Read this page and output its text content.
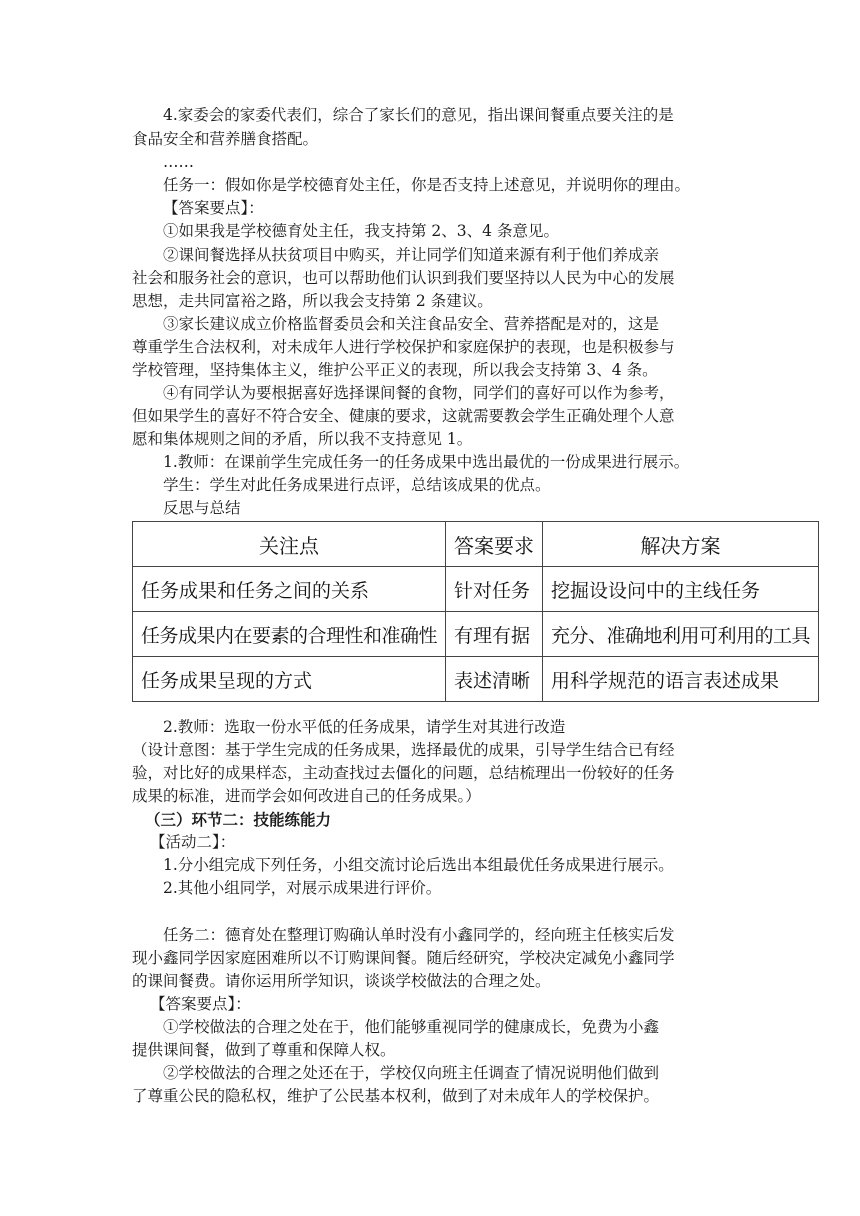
4.家委会的家委代表们，综合了家长们的意见，指出课间餐重点要关注的是

食品安全和营养膳食搭配。

……

任务一：假如你是学校德育处主任，你是否支持上述意见，并说明你的理由。

【答案要点】：

①如果我是学校德育处主任，我支持第 2、3、4 条意见。

②课间餐选择从扶贫项目中购买，并让同学们知道来源有利于他们养成亲

社会和服务社会的意识，也可以帮助他们认识到我们要坚持以人民为中心的发展

思想，走共同富裕之路，所以我会支持第 2 条建议。

③家长建议成立价格监督委员会和关注食品安全、营养搭配是对的，这是

尊重学生合法权利，对未成年人进行学校保护和家庭保护的表现，也是积极参与

学校管理，坚持集体主义，维护公平正义的表现，所以我会支持第 3、4 条。

④有同学认为要根据喜好选择课间餐的食物，同学们的喜好可以作为参考，

但如果学生的喜好不符合安全、健康的要求，这就需要教会学生正确处理个人意

愿和集体规则之间的矛盾，所以我不支持意见 1。

1.教师：在课前学生完成任务一的任务成果中选出最优的一份成果进行展示。

学生：学生对此任务成果进行点评，总结该成果的优点。

反思与总结

关注点	答案要求	解决方案
任务成果和任务之间的关系	针对任务	挖掘设设问中的主线任务
任务成果内在要素的合理性和准确性	有理有据	充分、准确地利用可利用的工具
任务成果呈现的方式	表述清晰	用科学规范的语言表述成果

2.教师：选取一份水平低的任务成果，请学生对其进行改造

（设计意图：基于学生完成的任务成果，选择最优的成果，引导学生结合已有经

验，对比好的成果样态，主动查找过去僵化的问题，总结梳理出一份较好的任务

成果的标准，进而学会如何改进自己的任务成果。）

（三）环节二：技能练能力

【活动二】：

1.分小组完成下列任务，小组交流讨论后选出本组最优任务成果进行展示。

2.其他小组同学，对展示成果进行评价。

任务二：德育处在整理订购确认单时没有小鑫同学的，经向班主任核实后发

现小鑫同学因家庭困难所以不订购课间餐。随后经研究，学校决定减免小鑫同学

的课间餐费。请你运用所学知识，谈谈学校做法的合理之处。

【答案要点】：

①学校做法的合理之处在于，他们能够重视同学的健康成长，免费为小鑫

提供课间餐，做到了尊重和保障人权。

②学校做法的合理之处还在于，学校仅向班主任调查了情况说明他们做到

了尊重公民的隐私权，维护了公民基本权利，做到了对未成年人的学校保护。
